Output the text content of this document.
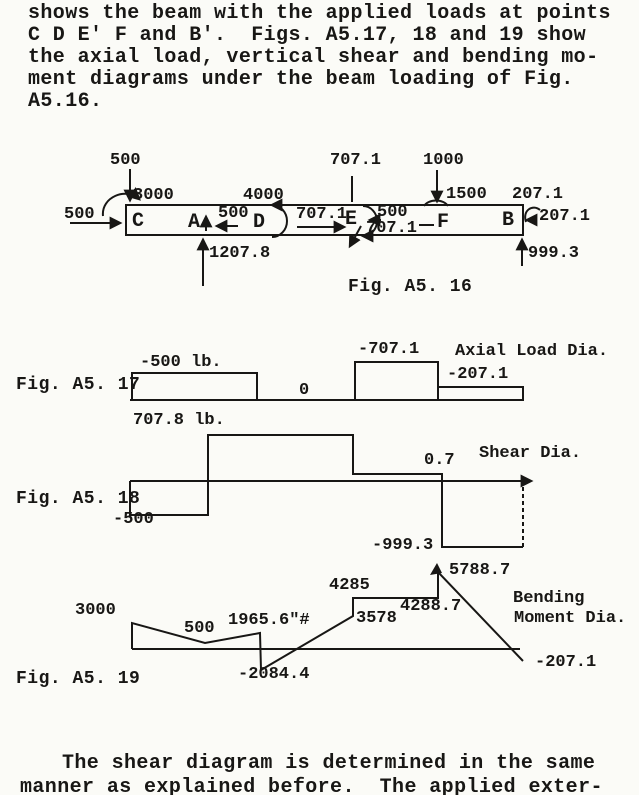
shows the beam with the applied loads at points
C D E' F and B'.  Figs. A5.17, 18 and 19 show
the axial load, vertical shear and bending mo-
ment diagrams under the beam loading of Fig.
A5.16.
500
3000
500 C A
1207.8
500
4000
D 707.1
707.1
E 500
707.1
1000
1500
F
207.1
B 207.1
999.3
Fig. A5. 16
-500 lb.
0
-707.1
-207.1
Axial Load Dia.
Fig. A5. 17
707.8 lb.
0.7 Shear Dia.
-500
-999.3
Fig. A5. 18
3000
500 1965.6"#
-2084.4
3578
4285
4288.7
5788.7
Bending
Moment Dia.
-207.1
Fig. A5. 19
The shear diagram is determined in the same
manner as explained before.  The applied exter-
